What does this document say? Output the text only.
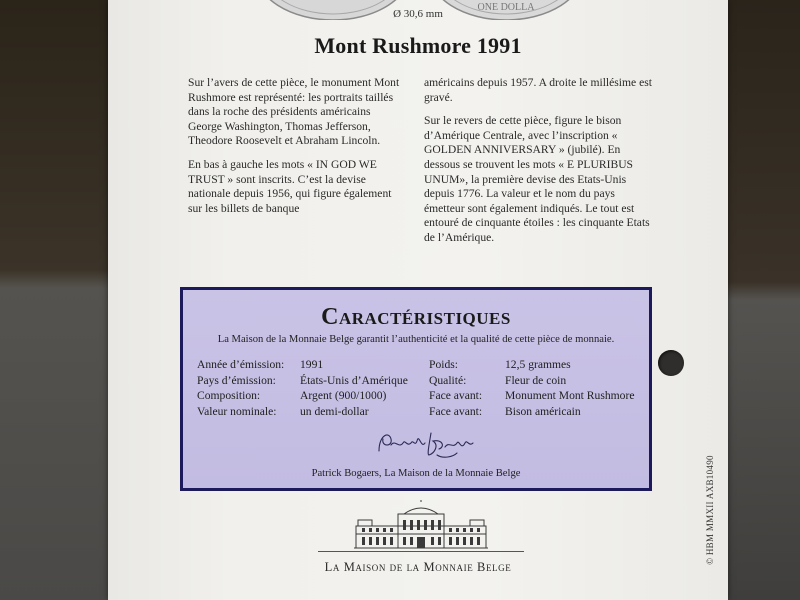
ONE DOLLA
Ø 30,6 mm
Mont Rushmore 1991

Sur l’avers de cette pièce, le monument Mont Rushmore est représenté: les portraits taillés dans la roche des présidents américains George Washington, Thomas Jefferson, Theodore Roosevelt et Abraham Lincoln.

En bas à gauche les mots « IN GOD WE TRUST » sont inscrits. C’est la devise nationale depuis 1956, qui figure également sur les billets de banque

américains depuis 1957. A droite le millésime est gravé.

Sur le revers de cette pièce, figure le bison d’Amérique Centrale, avec l’inscription « GOLDEN ANNIVERSARY » (jubilé). En dessous se trouvent les mots « E PLURIBUS UNUM», la première devise des Etats-Unis depuis 1776. La valeur et le nom du pays émetteur sont également indiqués. Le tout est entouré de cinquante étoiles : les cinquante Etats de l’Amérique.

Caractéristiques
La Maison de la Monnaie Belge garantit l’authenticité et la qualité de cette pièce de monnaie.
Année d’émission: 1991	Poids:	12,5 grammes
Pays d’émission: États-Unis d’Amérique Qualité:	Fleur de coin
Composition:	Argent (900/1000)	Face avant: Monument Mont Rushmore
Valeur nominale: un demi-dollar	Face avant: Bison américain
Patrick Bogaers, La Maison de la Monnaie Belge
La Maison de la Monnaie Belge
© HBM MMXII AXB10490
